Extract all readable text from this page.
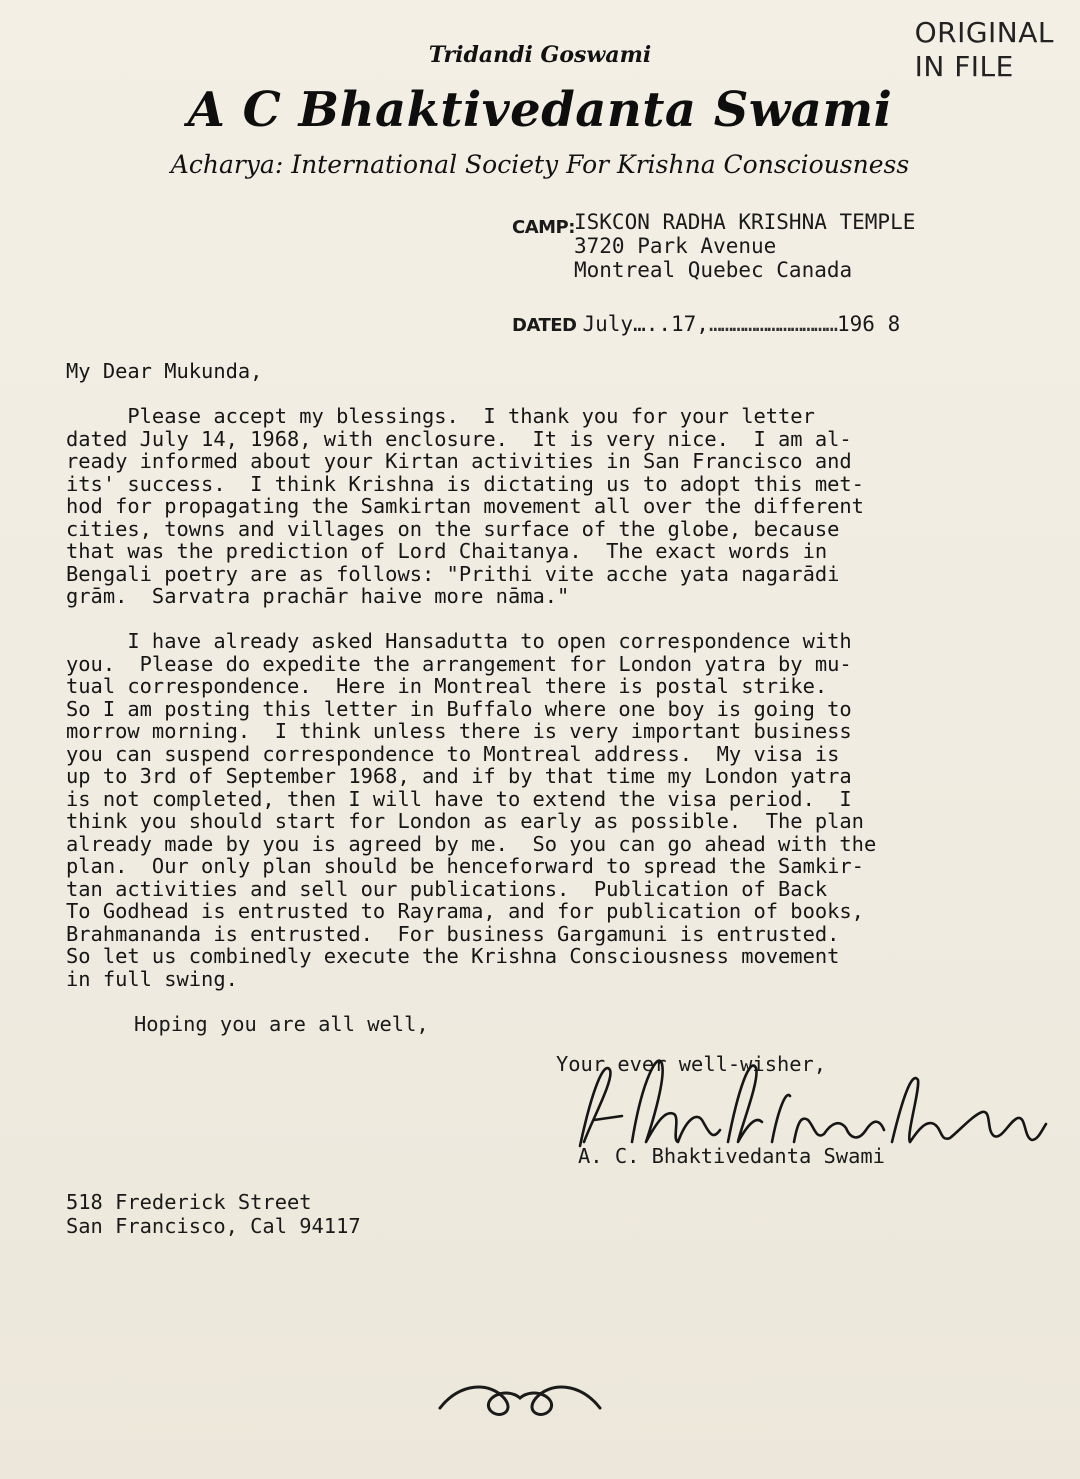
ORIGINAL
IN FILE
Tridandi Goswami
A C Bhaktivedanta Swami
Acharya: International Society For Krishna Consciousness
CAMP: ISKCON RADHA KRISHNA TEMPLE
3720 Park Avenue
Montreal Quebec Canada
DATED July…..17,……………………………196 8
My Dear Mukunda,
Please accept my blessings.  I thank you for your letter
dated July 14, 1968, with enclosure.  It is very nice.  I am al-
ready informed about your Kirtan activities in San Francisco and
its' success.  I think Krishna is dictating us to adopt this met-
hod for propagating the Samkirtan movement all over the different
cities, towns and villages on the surface of the globe, because
that was the prediction of Lord Chaitanya.  The exact words in
Bengali poetry are as follows: "Prithi vite acche yata nagarādi
grām.  Sarvatra prachār haive more nāma."
I have already asked Hansadutta to open correspondence with
you.  Please do expedite the arrangement for London yatra by mu-
tual correspondence.  Here in Montreal there is postal strike.
So I am posting this letter in Buffalo where one boy is going to
morrow morning.  I think unless there is very important business
you can suspend correspondence to Montreal address.  My visa is
up to 3rd of September 1968, and if by that time my London yatra
is not completed, then I will have to extend the visa period.  I
think you should start for London as early as possible.  The plan
already made by you is agreed by me.  So you can go ahead with the
plan.  Our only plan should be henceforward to spread the Samkir-
tan activities and sell our publications.  Publication of Back
To Godhead is entrusted to Rayrama, and for publication of books,
Brahmananda is entrusted.  For business Gargamuni is entrusted.
So let us combinedly execute the Krishna Consciousness movement
in full swing.
Hoping you are all well,
Your ever well-wisher,
A. C. Bhaktivedanta Swami
518 Frederick Street
San Francisco, Cal 94117
